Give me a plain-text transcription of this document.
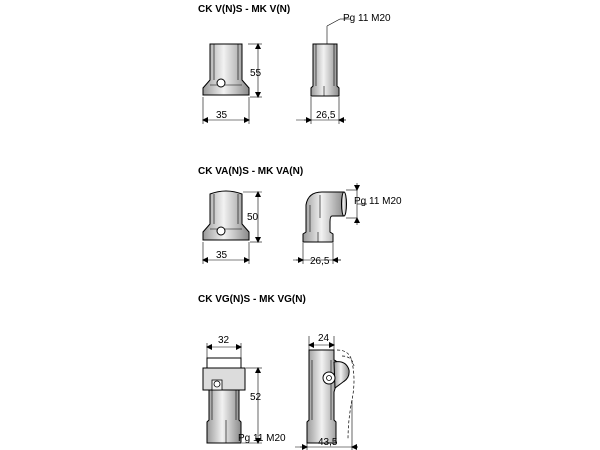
CK V(N)S - MK V(N)
55
35
Pg 11 M20
26,5
CK VA(N)S - MK VA(N)
50
35
Pg 11 M20
26,5
CK VG(N)S - MK VG(N)
32
52
Pg 11 M20
24
43,5
